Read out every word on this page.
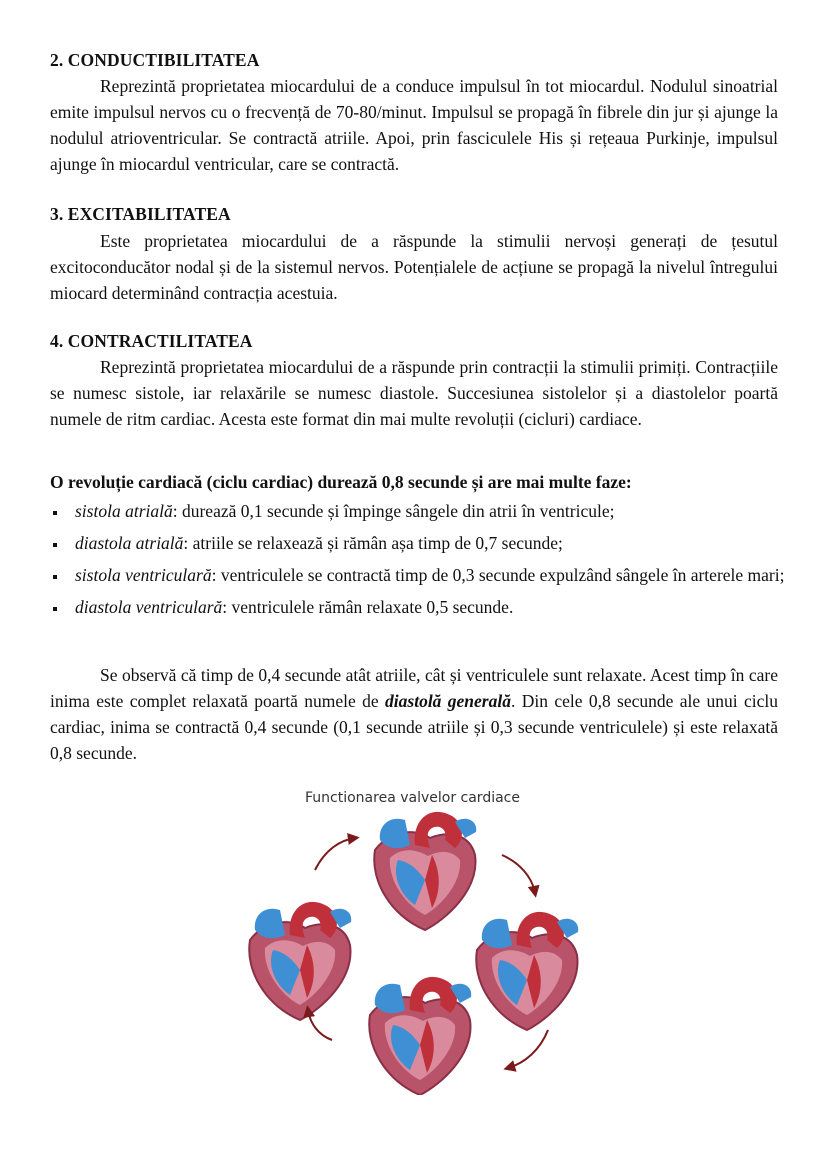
2. CONDUCTIBILITATEA

Reprezintă proprietatea miocardului de a conduce impulsul în tot miocardul. Nodulul sinoatrial emite impulsul nervos cu o frecvență de 70-80/minut. Impulsul se propagă în fibrele din jur și ajunge la nodulul atrioventricular. Se contractă atriile. Apoi, prin fasciculele His și rețeaua Purkinje, impulsul ajunge în miocardul ventricular, care se contractă.

3. EXCITABILITATEA

Este proprietatea miocardului de a răspunde la stimulii nervoși generați de țesutul excitoconducător nodal și de la sistemul nervos. Potențialele de acțiune se propagă la nivelul întregului miocard determinând contracția acestuia.

4. CONTRACTILITATEA

Reprezintă proprietatea miocardului de a răspunde prin contracții la stimulii primiți. Contracțiile se numesc sistole, iar relaxările se numesc diastole. Succesiunea sistolelor și a diastolelor poartă numele de ritm cardiac. Acesta este format din mai multe revoluții (cicluri) cardiace.

O revoluție cardiacă (ciclu cardiac) durează 0,8 secunde și are mai multe faze:
sistola atrială: durează 0,1 secunde și împinge sângele din atrii în ventricule;
diastola atrială: atriile se relaxează și rămân așa timp de 0,7 secunde;
sistola ventriculară: ventriculele se contractă timp de 0,3 secunde expulzând sângele în arterele mari;
diastola ventriculară: ventriculele rămân relaxate 0,5 secunde.

Se observă că timp de 0,4 secunde atât atriile, cât și ventriculele sunt relaxate. Acest timp în care inima este complet relaxată poartă numele de diastolă generală. Din cele 0,8 secunde ale unui ciclu cardiac, inima se contractă 0,4 secunde (0,1 secunde atriile și 0,3 secunde ventriculele) și este relaxată 0,8 secunde.

Functionarea valvelor cardiace
